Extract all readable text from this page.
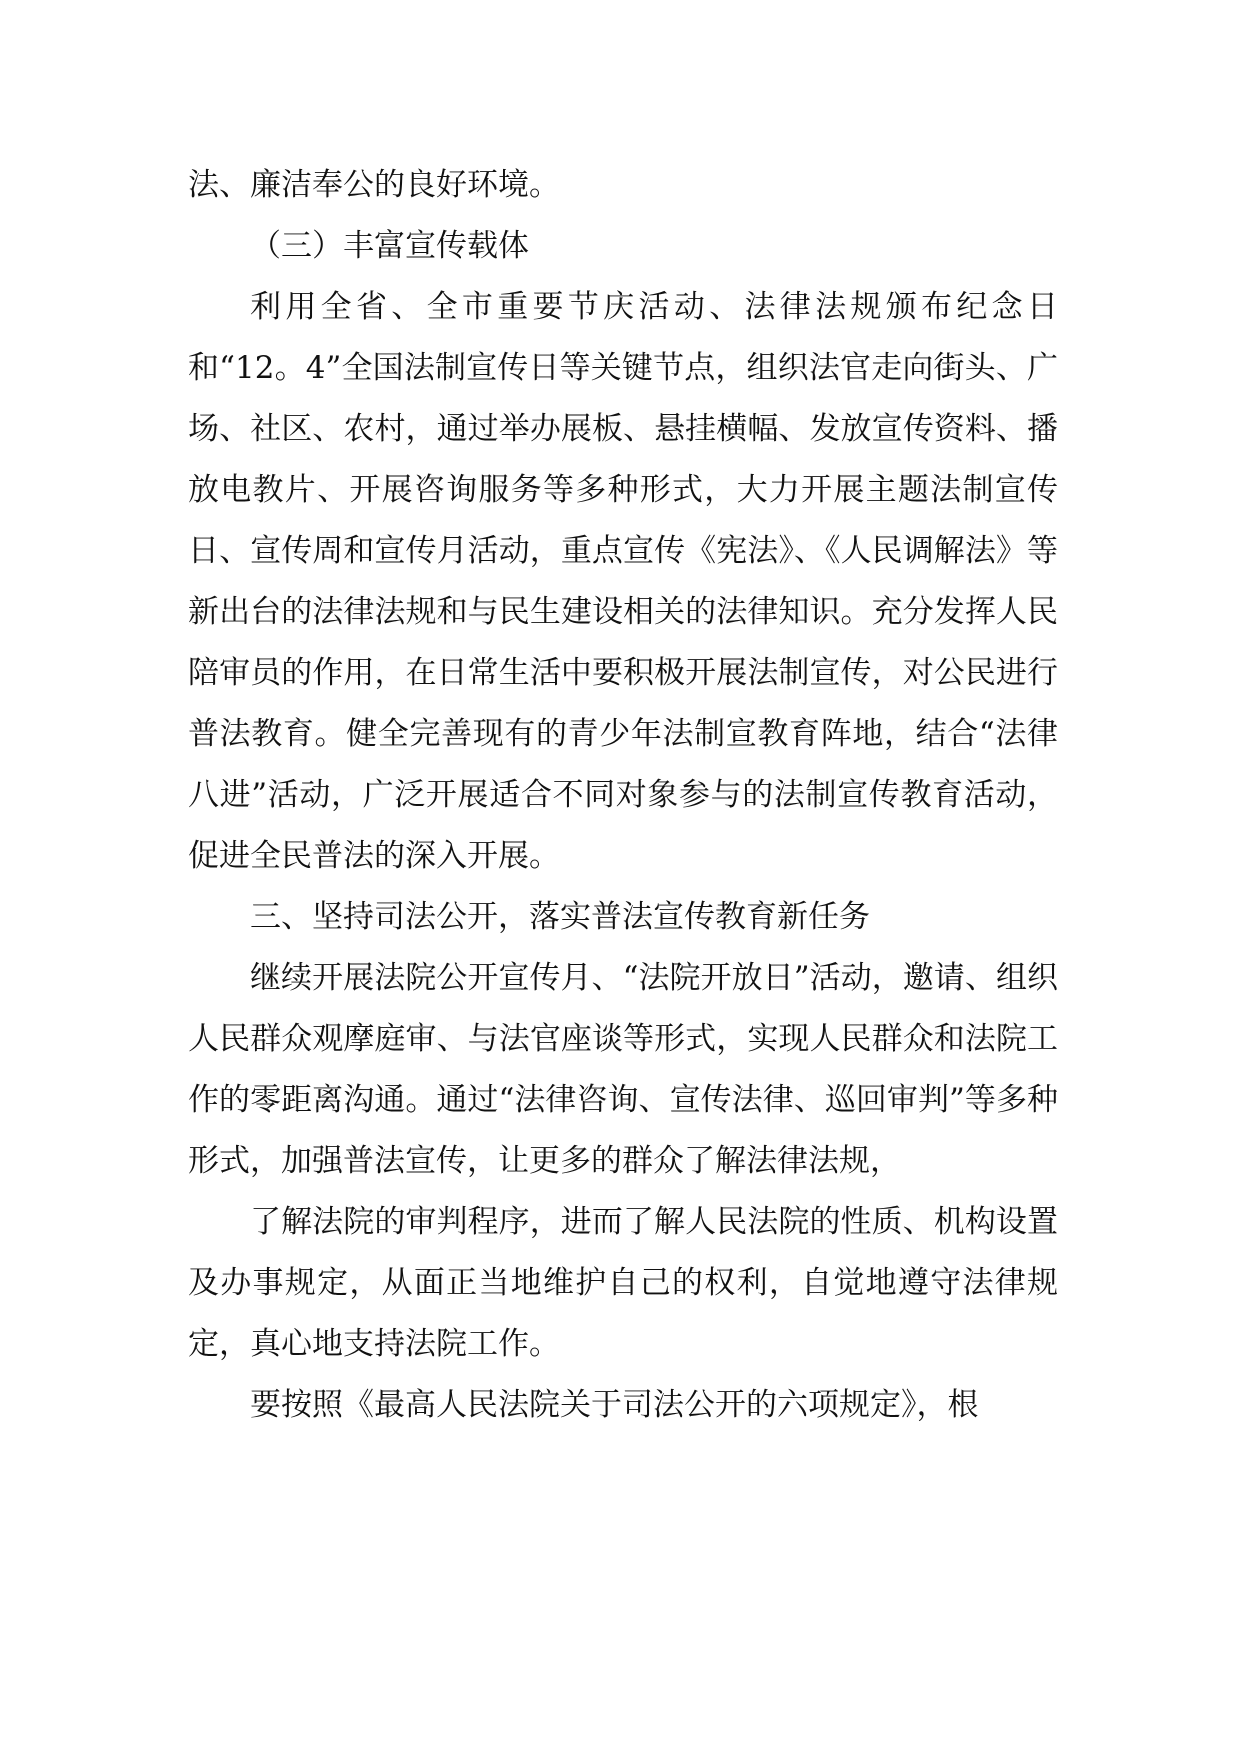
法、廉洁奉公的良好环境。

（三）丰富宣传载体

利用全省、全市重要节庆活动、法律法规颁布纪念日和“12。4”全国法制宣传日等关键节点，组织法官走向街头、广场、社区、农村，通过举办展板、悬挂横幅、发放宣传资料、播放电教片、开展咨询服务等多种形式，大力开展主题法制宣传日、宣传周和宣传月活动，重点宣传《宪法》、《人民调解法》等新出台的法律法规和与民生建设相关的法律知识。充分发挥人民陪审员的作用，在日常生活中要积极开展法制宣传，对公民进行普法教育。健全完善现有的青少年法制宣教育阵地，结合“法律八进”活动，广泛开展适合不同对象参与的法制宣传教育活动，促进全民普法的深入开展。

三、坚持司法公开，落实普法宣传教育新任务

继续开展法院公开宣传月、“法院开放日”活动，邀请、组织人民群众观摩庭审、与法官座谈等形式，实现人民群众和法院工作的零距离沟通。通过“法律咨询、宣传法律、巡回审判”等多种形式，加强普法宣传，让更多的群众了解法律法规，

了解法院的审判程序，进而了解人民法院的性质、机构设置及办事规定，从面正当地维护自己的权利，自觉地遵守法律规定，真心地支持法院工作。

要按照《最高人民法院关于司法公开的六项规定》，根
